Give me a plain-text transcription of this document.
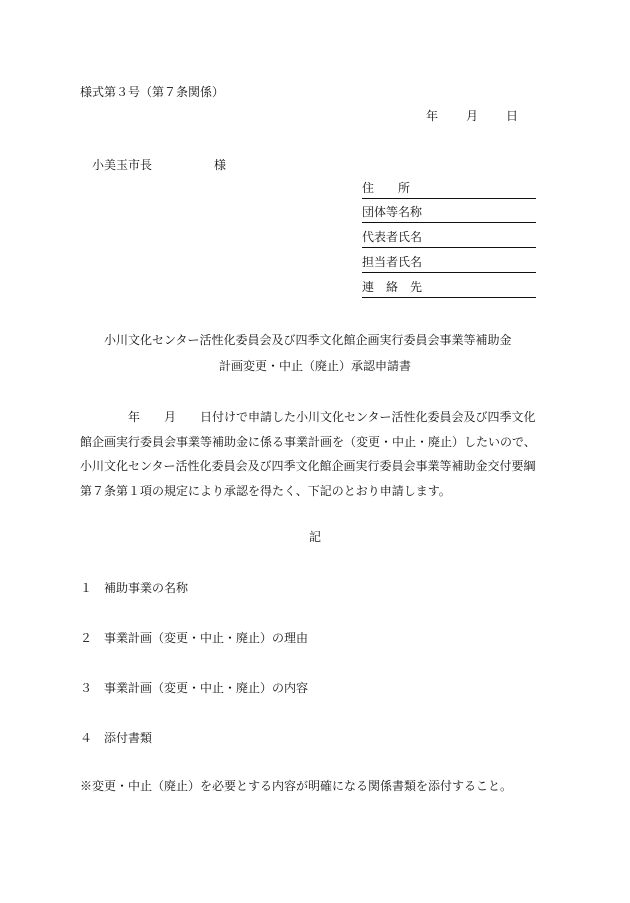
様式第３号（第７条関係）
年 月 日
小美玉市長	様
住　　所
団体等名称
代表者氏名
担当者氏名
連　絡　先
小川文化センター活性化委員会及び四季文化館企画実行委員会事業等補助金
計画変更・中止（廃止）承認申請書
　　　　年　　月　　日付けで申請した小川文化センター活性化委員会及び四季文化
館企画実行委員会事業等補助金に係る事業計画を（変更・中止・廃止）したいので、
小川文化センター活性化委員会及び四季文化館企画実行委員会事業等補助金交付要綱
第７条第１項の規定により承認を得たく、下記のとおり申請します。
記
１ 補助事業の名称
２ 事業計画（変更・中止・廃止）の理由
３ 事業計画（変更・中止・廃止）の内容
４ 添付書類
※変更・中止（廃止）を必要とする内容が明確になる関係書類を添付すること。
